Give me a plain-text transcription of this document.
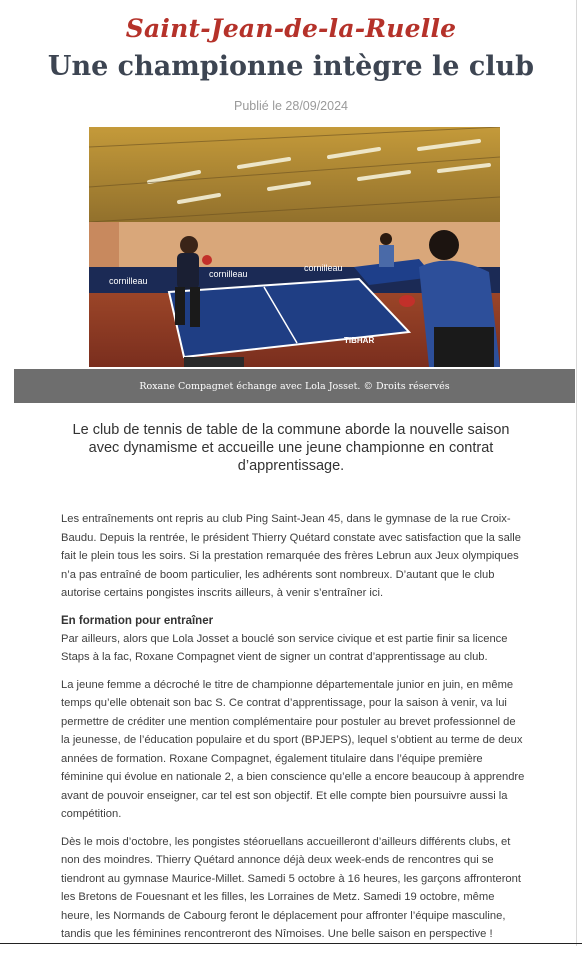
Saint-Jean-de-la-Ruelle
Une championne intègre le club
Publié le 28/09/2024
cornilleau
cornilleau
cornilleau
TIBHAR
Roxane Compagnet échange avec Lola Josset. © Droits réservés
Le club de tennis de table de la commune aborde la nouvelle saison avec dynamisme et accueille une jeune championne en contrat d’apprentissage.

Les entraînements ont repris au club Ping Saint-Jean 45, dans le gymnase de la rue Croix-Baudu. Depuis la rentrée, le président Thierry Quétard constate avec satisfaction que la salle fait le plein tous les soirs. Si la prestation remarquée des frères Lebrun aux Jeux olympiques n’a pas entraîné de boom particulier, les adhérents sont nombreux. D’autant que le club autorise certains pongistes inscrits ailleurs, à venir s’entraîner ici.

En formation pour entraîner

Par ailleurs, alors que Lola Josset a bouclé son service civique et est partie finir sa licence Staps à la fac, Roxane Compagnet vient de signer un contrat d’apprentissage au club.

La jeune femme a décroché le titre de championne départementale junior en juin, en même temps qu’elle obtenait son bac S. Ce contrat d’apprentissage, pour la saison à venir, va lui permettre de créditer une mention complémentaire pour postuler au brevet professionnel de la jeunesse, de l’éducation populaire et du sport (BPJEPS), lequel s’obtient au terme de deux années de formation. Roxane Compagnet, également titulaire dans l’équipe première féminine qui évolue en nationale 2, a bien conscience qu’elle a encore beaucoup à apprendre avant de pouvoir enseigner, car tel est son objectif. Et elle compte bien poursuivre aussi la compétition.

Dès le mois d’octobre, les pongistes stéoruellans accueilleront d’ailleurs différents clubs, et non des moindres. Thierry Quétard annonce déjà deux week-ends de rencontres qui se tiendront au gymnase Maurice-Millet. Samedi 5 octobre à 16 heures, les garçons affronteront les Bretons de Fouesnant et les filles, les Lorraines de Metz. Samedi 19 octobre, même heure, les Normands de Cabourg feront le déplacement pour affronter l’équipe masculine, tandis que les féminines rencontreront des Nîmoises. Une belle saison en perspective !
